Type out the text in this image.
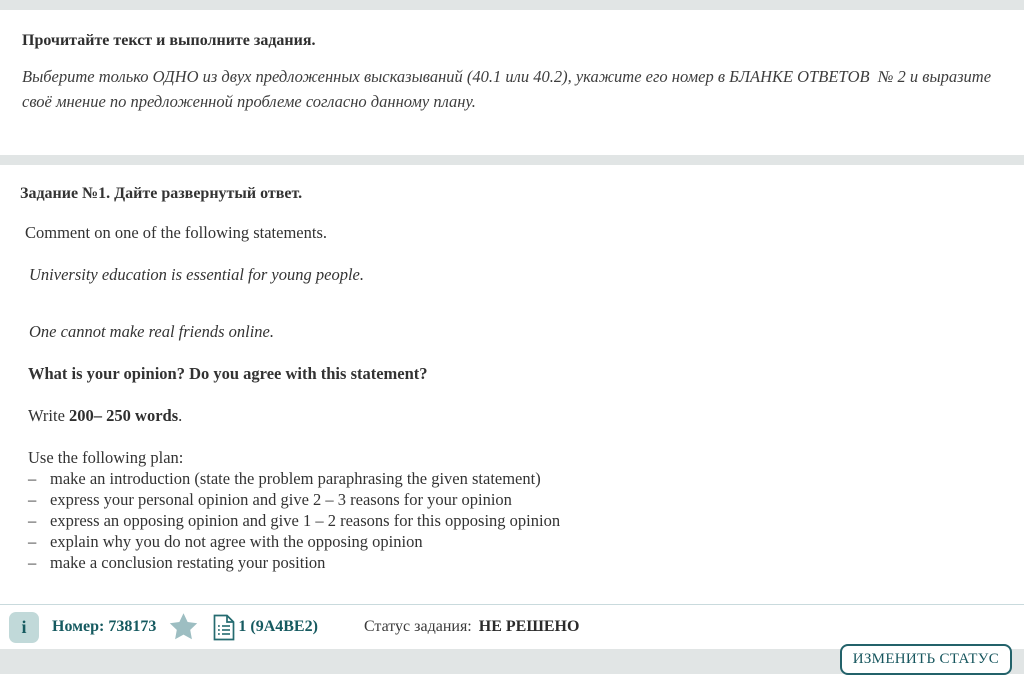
Прочитайте текст и выполните задания.
Выберите только ОДНО из двух предложенных высказываний (40.1 или 40.2), укажите его номер в БЛАНКЕ ОТВЕТОВ  № 2 и выразите своё мнение по предложенной проблеме согласно данному плану.
Задание №1. Дайте развернутый ответ.

Comment on one of the following statements.

University education is essential for young people.

One cannot make real friends online.

What is your opinion? Do you agree with this statement?

Write 200– 250 words.

Use the following plan:
– make an introduction (state the problem paraphrasing the given statement)
– express your personal opinion and give 2 – 3 reasons for your opinion
– express an opposing opinion and give 1 – 2 reasons for this opposing opinion
– explain why you do not agree with the opposing opinion
– make a conclusion restating your position
i	Номер: 738173	1 (9A4BE2)	Статус задания: НЕ РЕШЕНО
ИЗМЕНИТЬ СТАТУС
